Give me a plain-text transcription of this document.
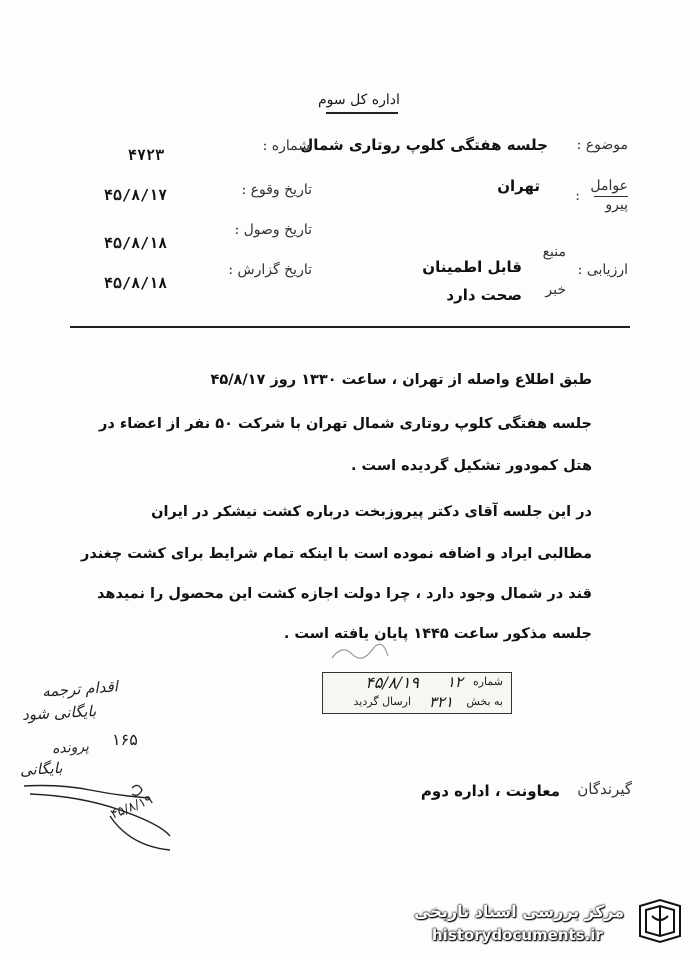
اداره کل سوم
موضوع :
جلسه هفتگی کلوپ روتاری شمال
شماره :
۴۷۲۳
عوامل
پیرو
:
تهران
تاریخ وقوع :
۴۵/۸/۱۷
تاریخ وصول :
۴۵/۸/۱۸
تاریخ گزارش :
۴۵/۸/۱۸
ارزیابی :
منبع
قابل اطمینان
خبر
صحت دارد
طبق اطلاع واصله از تهران ، ساعت ۱۳۳۰ روز ۴۵/۸/۱۷
جلسه هفتگی کلوپ روتاری شمال تهران با شرکت ۵۰ نفر از اعضاء در
هتل کمودور تشکیل گردیده است .
در این جلسه آقای دکتر پیروزبخت درباره کشت نیشکر در ایران
مطالبی ایراد و اضافه نموده است با اینکه تمام شرایط برای کشت چغندر
قند در شمال وجود دارد ، چرا دولت اجازه کشت این محصول را نمیدهد
جلسه مذکور ساعت ۱۴۴۵ پایان یافته است .
شماره
۱۲
۴۵/۸/۱۹
به بخش
۳۲۱
ارسال گردید
اقدام ترجمه
بایگانی شود
۱۶۵
پرونده
بایگانی
۴۵/۸/۱۹
گیرندگان
معاونت ، اداره دوم
مرکز بررسی اسناد تاریخی
historydocuments.ir
